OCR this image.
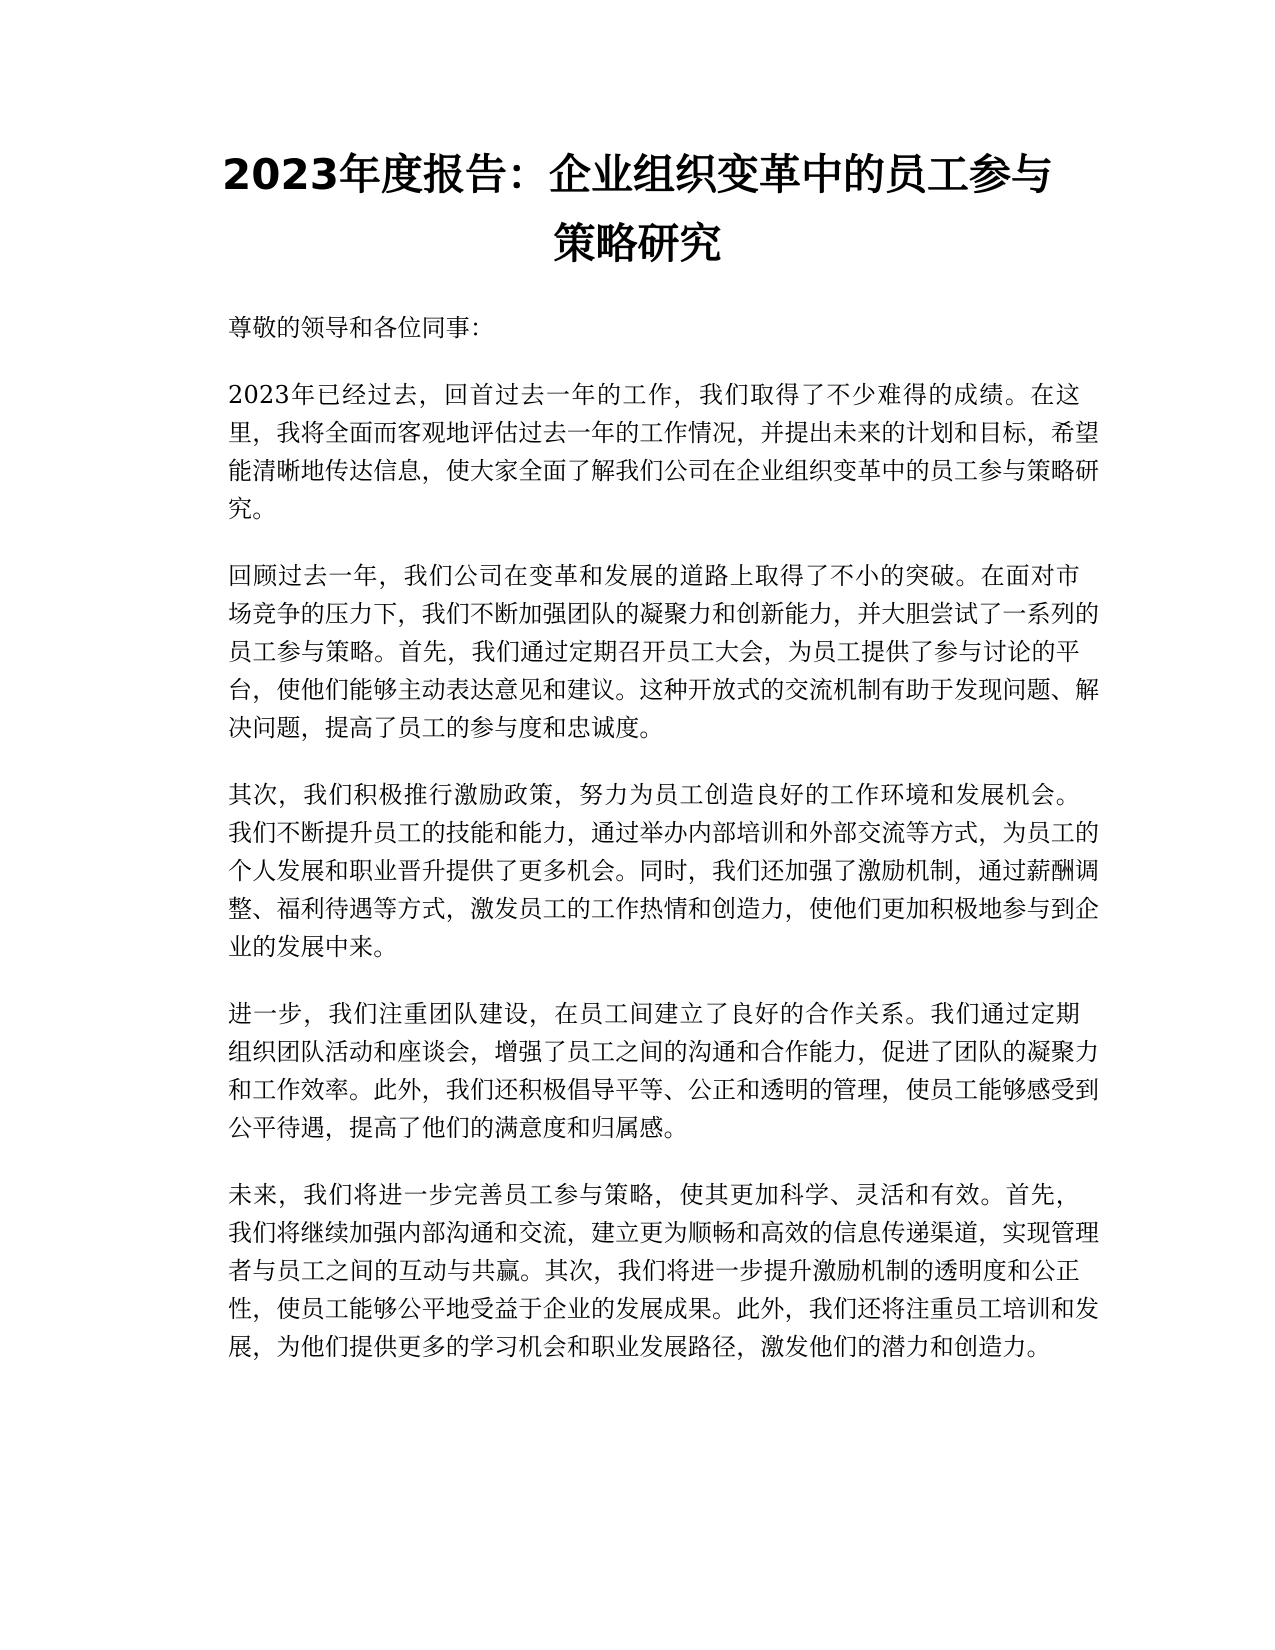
2023年度报告：企业组织变革中的员工参与
策略研究

尊敬的领导和各位同事：

2023年已经过去，回首过去一年的工作，我们取得了不少难得的成绩。在这
里，我将全面而客观地评估过去一年的工作情况，并提出未来的计划和目标，希望
能清晰地传达信息，使大家全面了解我们公司在企业组织变革中的员工参与策略研
究。

回顾过去一年，我们公司在变革和发展的道路上取得了不小的突破。在面对市
场竞争的压力下，我们不断加强团队的凝聚力和创新能力，并大胆尝试了一系列的
员工参与策略。首先，我们通过定期召开员工大会，为员工提供了参与讨论的平
台，使他们能够主动表达意见和建议。这种开放式的交流机制有助于发现问题、解
决问题，提高了员工的参与度和忠诚度。

其次，我们积极推行激励政策，努力为员工创造良好的工作环境和发展机会。
我们不断提升员工的技能和能力，通过举办内部培训和外部交流等方式，为员工的
个人发展和职业晋升提供了更多机会。同时，我们还加强了激励机制，通过薪酬调
整、福利待遇等方式，激发员工的工作热情和创造力，使他们更加积极地参与到企
业的发展中来。

进一步，我们注重团队建设，在员工间建立了良好的合作关系。我们通过定期
组织团队活动和座谈会，增强了员工之间的沟通和合作能力，促进了团队的凝聚力
和工作效率。此外，我们还积极倡导平等、公正和透明的管理，使员工能够感受到
公平待遇，提高了他们的满意度和归属感。

未来，我们将进一步完善员工参与策略，使其更加科学、灵活和有效。首先，
我们将继续加强内部沟通和交流，建立更为顺畅和高效的信息传递渠道，实现管理
者与员工之间的互动与共赢。其次，我们将进一步提升激励机制的透明度和公正
性，使员工能够公平地受益于企业的发展成果。此外，我们还将注重员工培训和发
展，为他们提供更多的学习机会和职业发展路径，激发他们的潜力和创造力。
